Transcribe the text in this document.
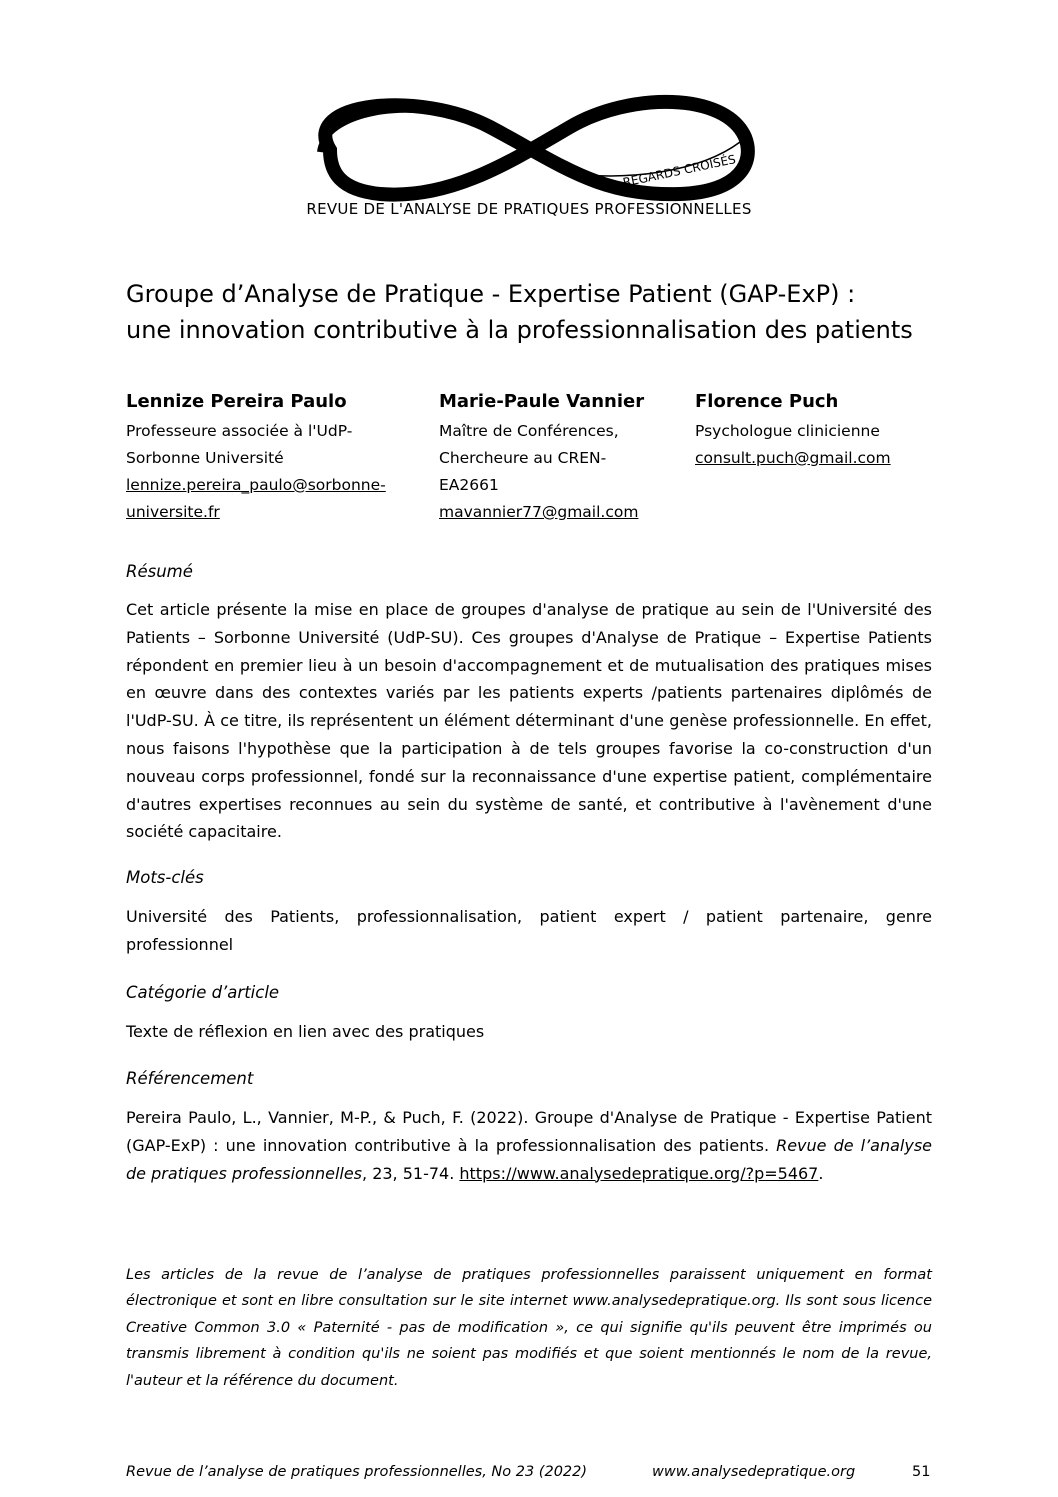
REGARDS CROISÉS
REVUE DE L'ANALYSE DE PRATIQUES PROFESSIONNELLES
Groupe d’Analyse de Pratique - Expertise Patient (GAP-ExP) :
une innovation contributive à la professionnalisation des patients
Lennize Pereira Paulo
Professeure associée à l'UdP-
Sorbonne Université
lennize.pereira_paulo@sorbonne-
universite.fr
Marie-Paule Vannier
Maître de Conférences,
Chercheure au CREN-
EA2661
mavannier77@gmail.com
Florence Puch
Psychologue clinicienne
consult.puch@gmail.com
Résumé

Cet article présente la mise en place de groupes d'analyse de pratique au sein de l'Université des Patients – Sorbonne Université (UdP-SU). Ces groupes d'Analyse de Pratique – Expertise Patients répondent en premier lieu à un besoin d'accompagnement et de mutualisation des pratiques mises en œuvre dans des contextes variés par les patients experts /patients partenaires diplômés de l'UdP-SU. À ce titre, ils représentent un élément déterminant d'une genèse professionnelle. En effet, nous faisons l'hypothèse que la participation à de tels groupes favorise la co-construction d'un nouveau corps professionnel, fondé sur la reconnaissance d'une expertise patient, complémentaire d'autres expertises reconnues au sein du système de santé, et contributive à l'avènement d'une société capacitaire.

Mots-clés

Université des Patients, professionnalisation, patient expert / patient partenaire, genre professionnel

Catégorie d’article

Texte de réflexion en lien avec des pratiques

Référencement

Pereira Paulo, L., Vannier, M-P., & Puch, F. (2022). Groupe d'Analyse de Pratique - Expertise Patient (GAP-ExP) : une innovation contributive à la professionnalisation des patients. Revue de l’analyse de pratiques professionnelles, 23, 51-74. https://www.analysedepratique.org/?p=5467.

Les articles de la revue de l’analyse de pratiques professionnelles paraissent uniquement en format électronique et sont en libre consultation sur le site internet www.analysedepratique.org. Ils sont sous licence Creative Common 3.0 « Paternité - pas de modification », ce qui signifie qu'ils peuvent être imprimés ou transmis librement à condition qu'ils ne soient pas modifiés et que soient mentionnés le nom de la revue, l'auteur et la référence du document.

Revue de l’analyse de pratiques professionnelles, No 23 (2022)	www.analysedepratique.org	51
